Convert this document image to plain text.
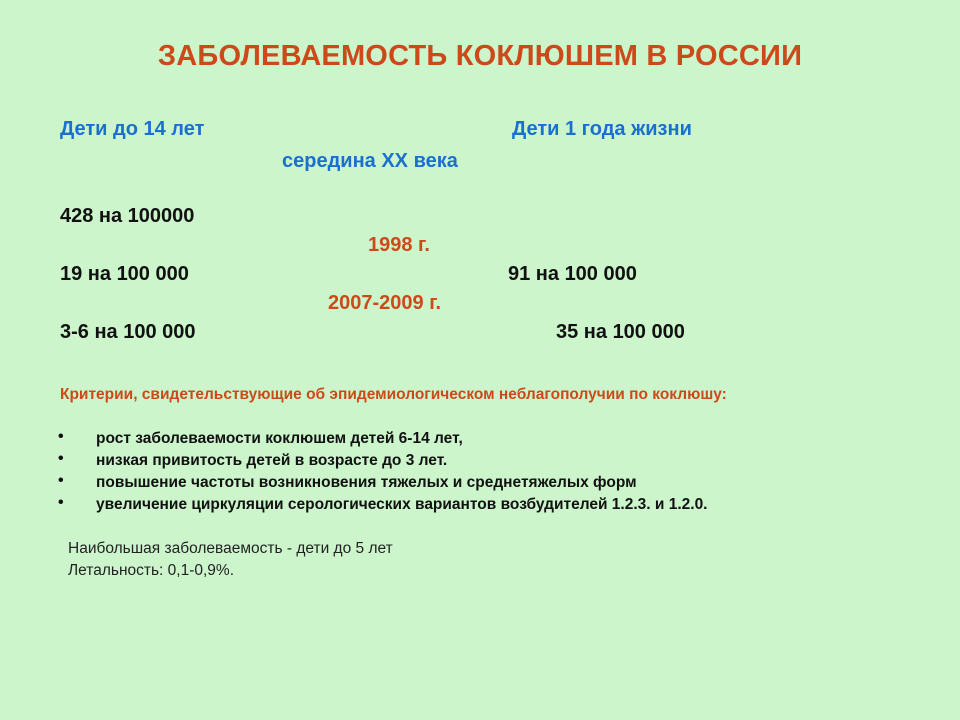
ЗАБОЛЕВАЕМОСТЬ КОКЛЮШЕМ В РОССИИ
Дети до 14 лет	Дети 1 года жизни
середина XX века
428 на 100000
1998 г.
19 на 100 000	91 на 100 000
2007-2009 г.
3-6 на 100 000	35 на 100 000
Критерии, свидетельствующие об эпидемиологическом неблагополучии по коклюшу:
• рост заболеваемости коклюшем детей 6-14 лет,
• низкая привитость детей в возрасте до 3 лет.
• повышение частоты возникновения тяжелых и среднетяжелых форм
• увеличение циркуляции серологических вариантов возбудителей 1.2.3. и 1.2.0.
Наибольшая заболеваемость - дети до 5 лет
Летальность: 0,1-0,9%.
